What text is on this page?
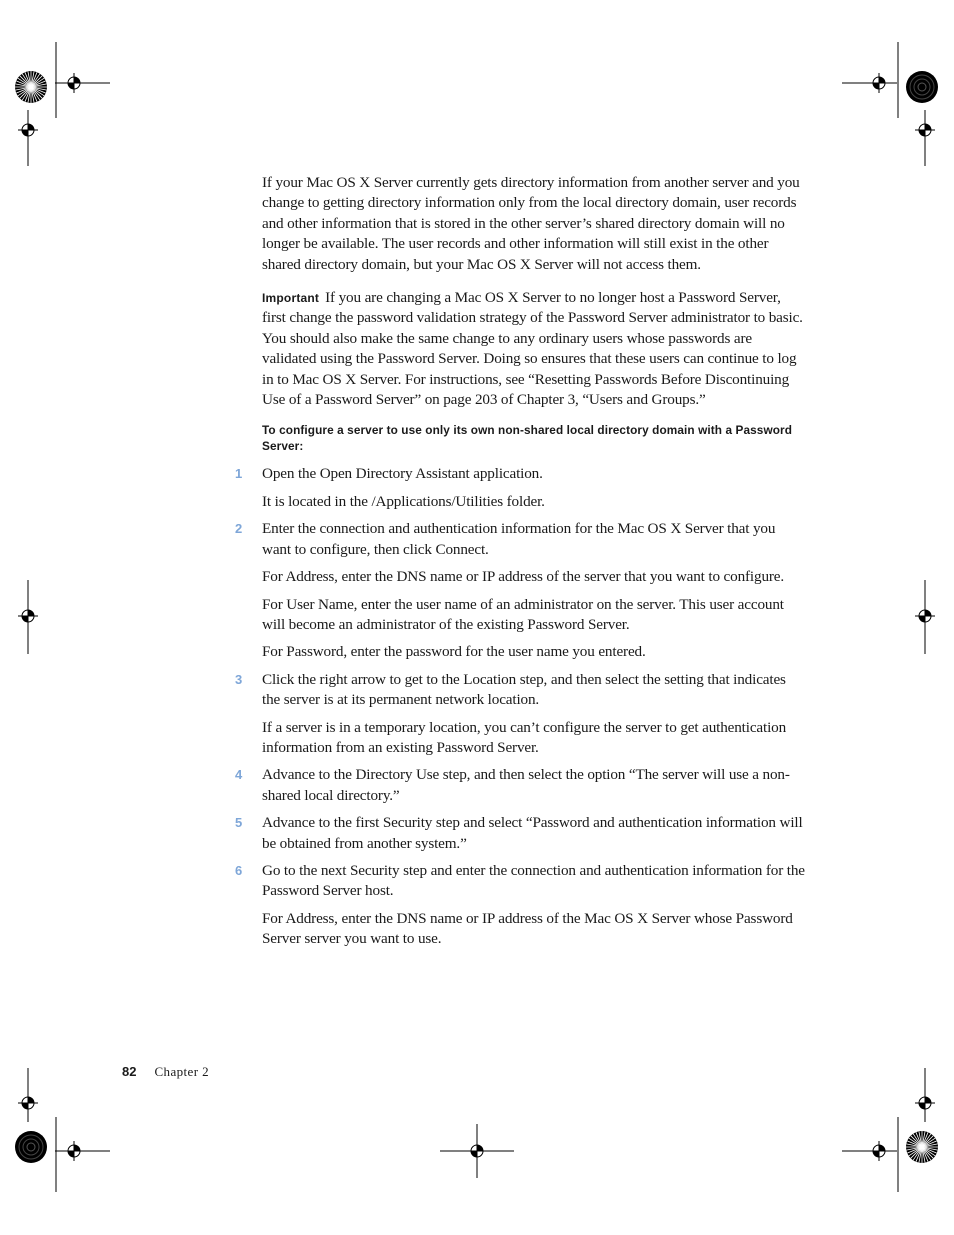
If your Mac OS X Server currently gets directory information from another server and you change to getting directory information only from the local directory domain, user records and other information that is stored in the other server’s shared directory domain will no longer be available. The user records and other information will still exist in the other shared directory domain, but your Mac OS X Server will not access them.

Important If you are changing a Mac OS X Server to no longer host a Password Server, first change the password validation strategy of the Password Server administrator to basic. You should also make the same change to any ordinary users whose passwords are validated using the Password Server. Doing so ensures that these users can continue to log in to Mac OS X Server. For instructions, see “Resetting Passwords Before Discontinuing Use of a Password Server” on page 203 of Chapter 3, “Users and Groups.”

To configure a server to use only its own non-shared local directory domain with a Password Server:

1 Open the Open Directory Assistant application.

It is located in the /Applications/Utilities folder.

2 Enter the connection and authentication information for the Mac OS X Server that you want to configure, then click Connect.

For Address, enter the DNS name or IP address of the server that you want to configure.

For User Name, enter the user name of an administrator on the server. This user account will become an administrator of the existing Password Server.

For Password, enter the password for the user name you entered.

3 Click the right arrow to get to the Location step, and then select the setting that indicates the server is at its permanent network location.

If a server is in a temporary location, you can’t configure the server to get authentication information from an existing Password Server.

4 Advance to the Directory Use step, and then select the option “The server will use a non-shared local directory.”

5 Advance to the first Security step and select “Password and authentication information will be obtained from another system.”

6 Go to the next Security step and enter the connection and authentication information for the Password Server host.

For Address, enter the DNS name or IP address of the Mac OS X Server whose Password Server server you want to use.

82 Chapter 2
